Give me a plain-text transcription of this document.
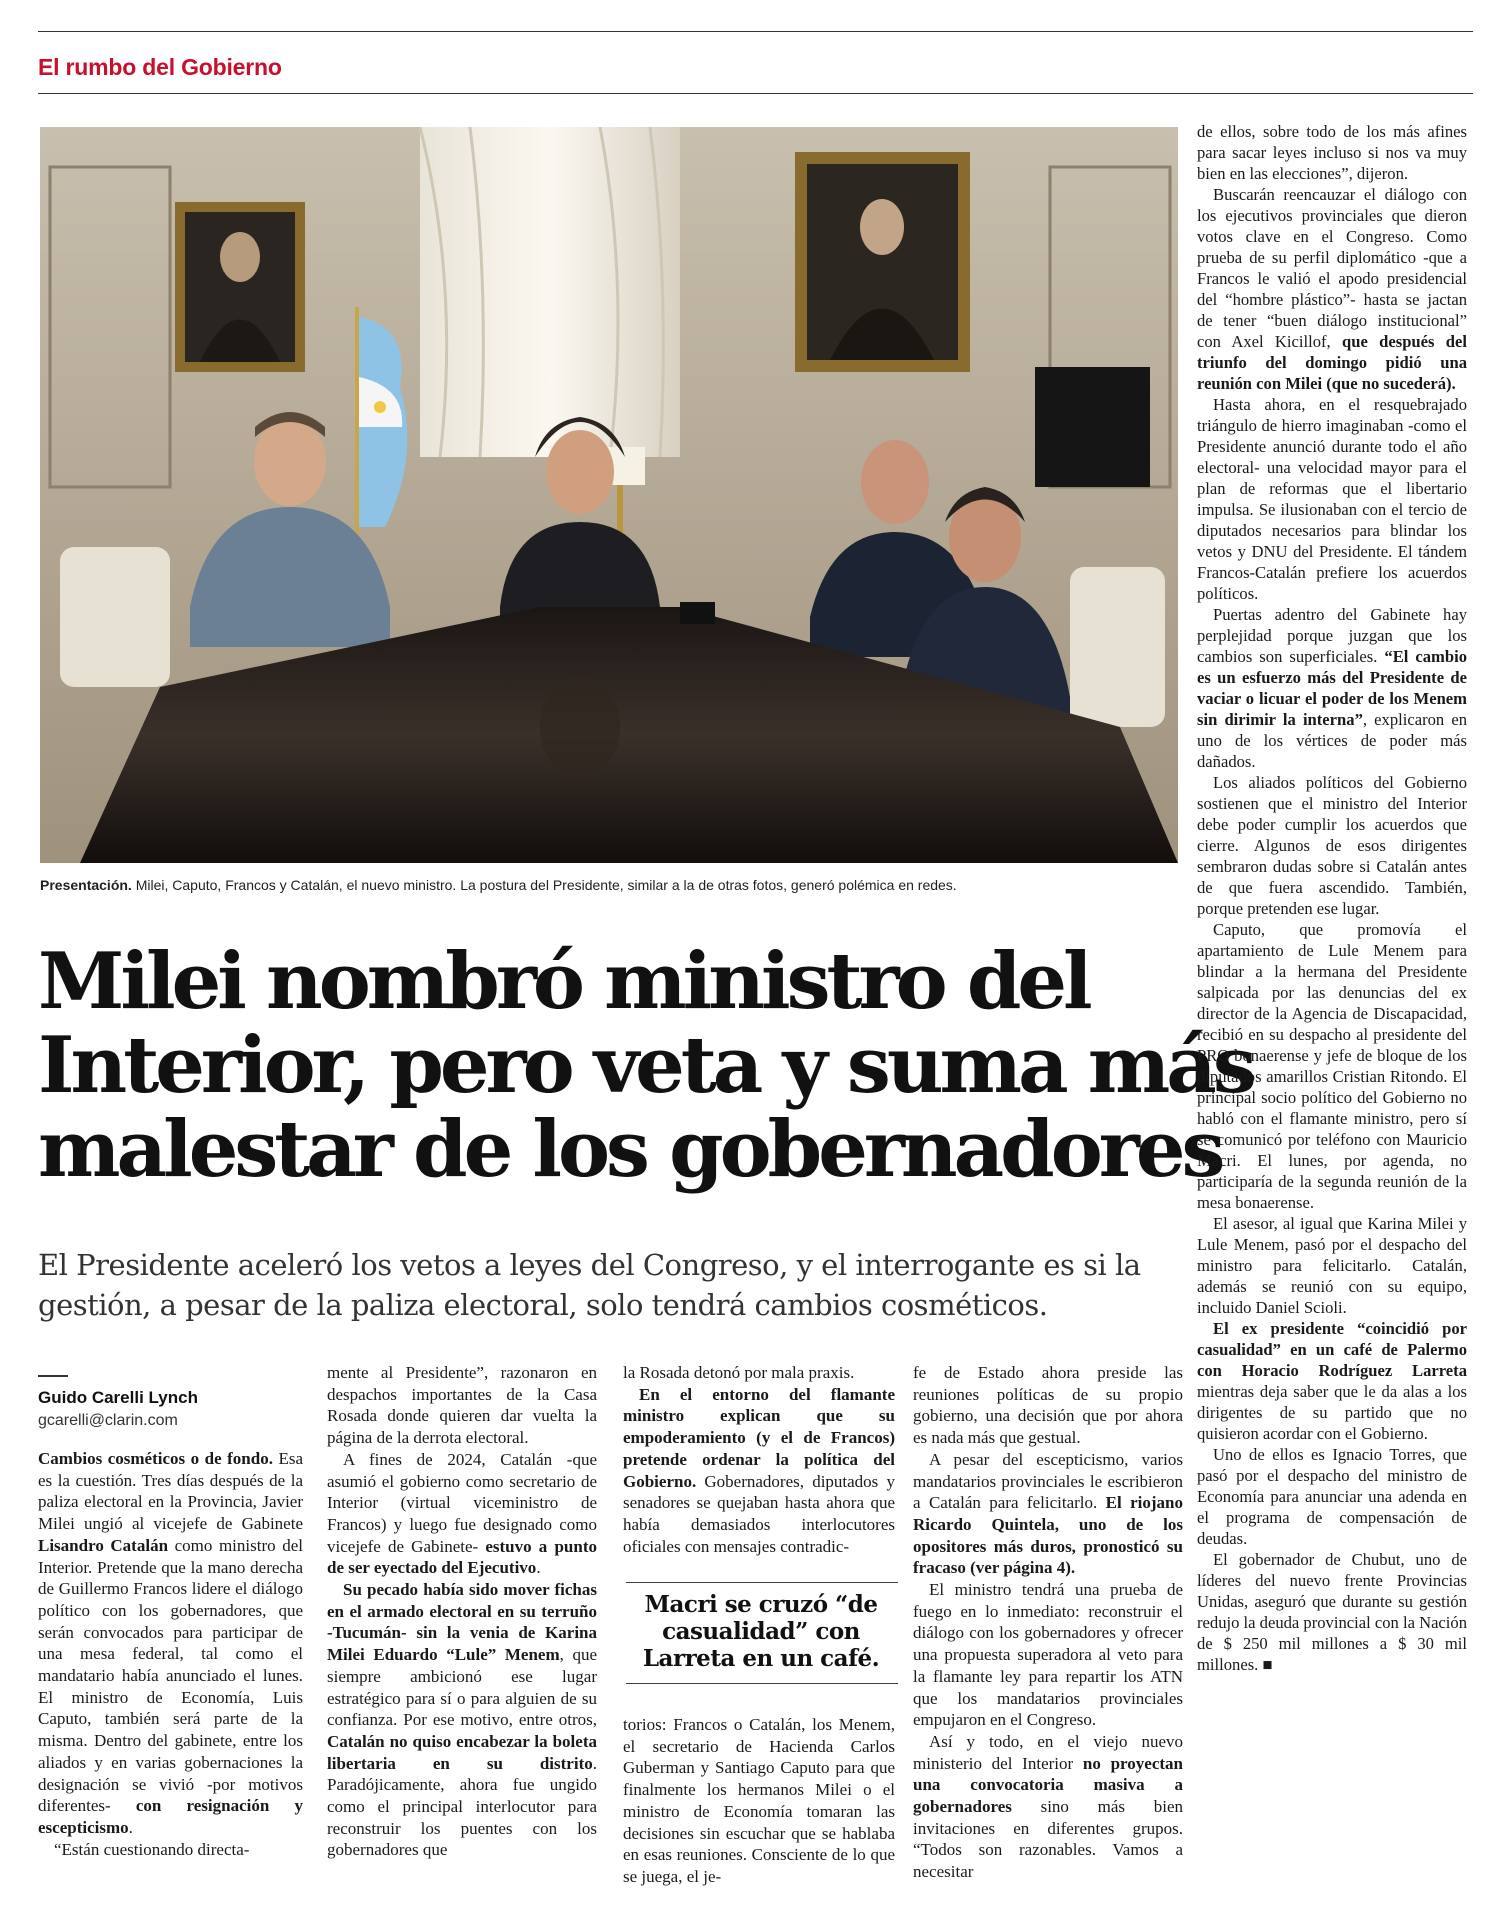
El rumbo del Gobierno
Presentación. Milei, Caputo, Francos y Catalán, el nuevo ministro. La postura del Presidente, similar a la de otras fotos, generó polémica en redes.
Milei nombró ministro del
Interior, pero veta y suma más
malestar de los gobernadores
El Presidente aceleró los vetos a leyes del Congreso, y el interrogante es si la gestión, a pesar de la paliza electoral, solo tendrá cambios cosméticos.
Guido Carelli Lynch
gcarelli@clarin.com

Cambios cosméticos o de fondo. Esa es la cuestión. Tres días después de la paliza electoral en la Provincia, Javier Milei ungió al vicejefe de Gabinete Lisandro Catalán como ministro del Interior. Pretende que la mano derecha de Guillermo Francos lidere el diálogo político con los gobernadores, que serán convocados para participar de una mesa federal, tal como el mandatario había anunciado el lunes. El ministro de Economía, Luis Caputo, también será parte de la misma. Dentro del gabinete, entre los aliados y en varias gobernaciones la designación se vivió -por motivos diferentes- con resignación y escepticismo.

“Están cuestionando directa-

mente al Presidente”, razonaron en despachos importantes de la Casa Rosada donde quieren dar vuelta la página de la derrota electoral.

A fines de 2024, Catalán -que asumió el gobierno como secretario de Interior (virtual viceministro de Francos) y luego fue designado como vicejefe de Gabinete- estuvo a punto de ser eyectado del Ejecutivo.

Su pecado había sido mover fichas en el armado electoral en su terruño -Tucumán- sin la venia de Karina Milei Eduardo “Lule” Menem, que siempre ambicionó ese lugar estratégico para sí o para alguien de su confianza. Por ese motivo, entre otros, Catalán no quiso encabezar la boleta libertaria en su distrito. Paradójicamente, ahora fue ungido como el principal interlocutor para reconstruir los puentes con los gobernadores que

la Rosada detonó por mala praxis.

En el entorno del flamante ministro explican que su empoderamiento (y el de Francos) pretende ordenar la política del Gobierno. Gobernadores, diputados y senadores se quejaban hasta ahora que había demasiados interlocutores oficiales con mensajes contradic-

Macri se cruzó “de casualidad” con Larreta en un café.

torios: Francos o Catalán, los Menem, el secretario de Hacienda Carlos Guberman y Santiago Caputo para que finalmente los hermanos Milei o el ministro de Economía tomaran las decisiones sin escuchar que se hablaba en esas reuniones. Consciente de lo que se juega, el je-

fe de Estado ahora preside las reuniones políticas de su propio gobierno, una decisión que por ahora es nada más que gestual.

A pesar del escepticismo, varios mandatarios provinciales le escribieron a Catalán para felicitarlo. El riojano Ricardo Quintela, uno de los opositores más duros, pronosticó su fracaso (ver página 4).

El ministro tendrá una prueba de fuego en lo inmediato: reconstruir el diálogo con los gobernadores y ofrecer una propuesta superadora al veto para la flamante ley para repartir los ATN que los mandatarios provinciales empujaron en el Congreso.

Así y todo, en el viejo nuevo ministerio del Interior no proyectan una convocatoria masiva a gobernadores sino más bien invitaciones en diferentes grupos. “Todos son razonables. Vamos a necesitar

de ellos, sobre todo de los más afines para sacar leyes incluso si nos va muy bien en las elecciones”, dijeron.

Buscarán reencauzar el diálogo con los ejecutivos provinciales que dieron votos clave en el Congreso. Como prueba de su perfil diplomático -que a Francos le valió el apodo presidencial del “hombre plástico”- hasta se jactan de tener “buen diálogo institucional” con Axel Kicillof, que después del triunfo del domingo pidió una reunión con Milei (que no sucederá).

Hasta ahora, en el resquebrajado triángulo de hierro imaginaban -como el Presidente anunció durante todo el año electoral- una velocidad mayor para el plan de reformas que el libertario impulsa. Se ilusionaban con el tercio de diputados necesarios para blindar los vetos y DNU del Presidente. El tándem Francos-Catalán prefiere los acuerdos políticos.

Puertas adentro del Gabinete hay perplejidad porque juzgan que los cambios son superficiales. “El cambio es un esfuerzo más del Presidente de vaciar o licuar el poder de los Menem sin dirimir la interna”, explicaron en uno de los vértices de poder más dañados.

Los aliados políticos del Gobierno sostienen que el ministro del Interior debe poder cumplir los acuerdos que cierre. Algunos de esos dirigentes sembraron dudas sobre si Catalán antes de que fuera ascendido. También, porque pretenden ese lugar.

Caputo, que promovía el apartamiento de Lule Menem para blindar a la hermana del Presidente salpicada por las denuncias del ex director de la Agencia de Discapacidad, recibió en su despacho al presidente del PRO bonaerense y jefe de bloque de los diputados amarillos Cristian Ritondo. El principal socio político del Gobierno no habló con el flamante ministro, pero sí se comunicó por teléfono con Mauricio Macri. El lunes, por agenda, no participaría de la segunda reunión de la mesa bonaerense.

El asesor, al igual que Karina Milei y Lule Menem, pasó por el despacho del ministro para felicitarlo. Catalán, además se reunió con su equipo, incluido Daniel Scioli.

El ex presidente “coincidió por casualidad” en un café de Palermo con Horacio Rodríguez Larreta mientras deja saber que le da alas a los dirigentes de su partido que no quisieron acordar con el Gobierno.

Uno de ellos es Ignacio Torres, que pasó por el despacho del ministro de Economía para anunciar una adenda en el programa de compensación de deudas.

El gobernador de Chubut, uno de líderes del nuevo frente Provincias Unidas, aseguró que durante su gestión redujo la deuda provincial con la Nación de $ 250 mil millones a $ 30 mil millones. ■
